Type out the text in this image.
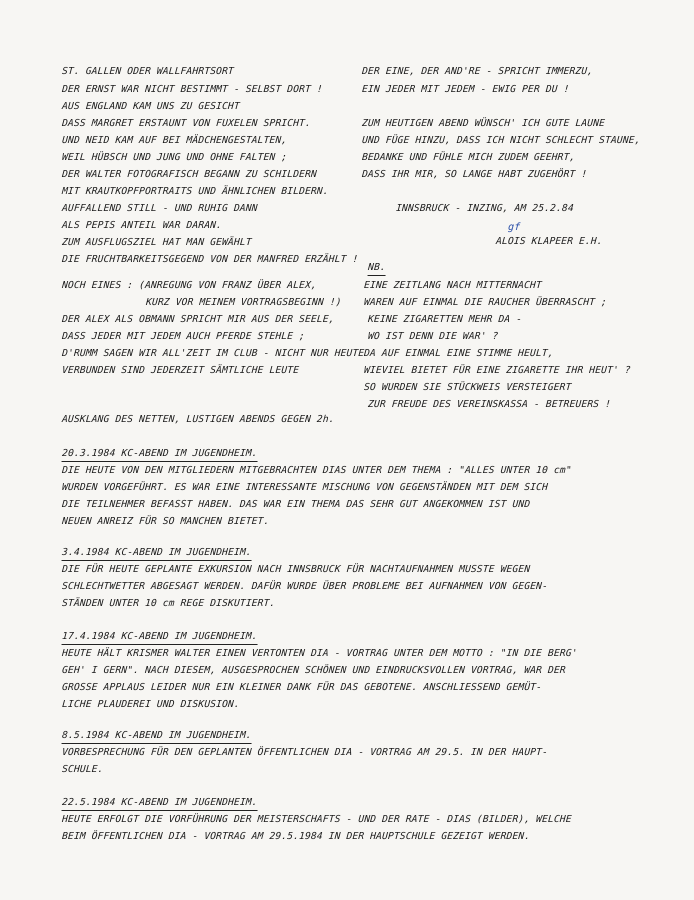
ST. GALLEN ODER WALLFAHRTSORT
DER ERNST WAR NICHT BESTIMMT - SELBST DORT !
AUS ENGLAND KAM UNS ZU GESICHT
DASS MARGRET ERSTAUNT VON FUXELEN SPRICHT.
UND NEID KAM AUF BEI MÄDCHENGESTALTEN,
WEIL HÜBSCH UND JUNG UND OHNE FALTEN ;
DER WALTER FOTOGRAFISCH BEGANN ZU SCHILDERN
MIT KRAUTKOPFPORTRAITS UND ÄHNLICHEN BILDERN.
AUFFALLEND STILL - UND RUHIG DANN
ALS PEPIS ANTEIL WAR DARAN.
ZUM AUSFLUGSZIEL HAT MAN GEWÄHLT
DIE FRUCHTBARKEITSGEGEND VON DER MANFRED ERZÄHLT !
DER EINE, DER AND'RE - SPRICHT IMMERZU,
EIN JEDER MIT JEDEM - EWIG PER DU !
ZUM HEUTIGEN ABEND WÜNSCH' ICH GUTE LAUNE
UND FÜGE HINZU, DASS ICH NICHT SCHLECHT STAUNE,
BEDANKE UND FÜHLE MICH ZUDEM GEEHRT,
DASS IHR MIR, SO LANGE HABT ZUGEHÖRT !
INNSBRUCK - INZING, AM 25.2.84
gf
ALOIS KLAPEER E.H.
NOCH EINES : (ANREGUNG VON FRANZ ÜBER ALEX,
KURZ VOR MEINEM VORTRAGSBEGINN !)
DER ALEX ALS OBMANN SPRICHT MIR AUS DER SEELE,
DASS JEDER MIT JEDEM AUCH PFERDE STEHLE ;
D'RUMM SAGEN WIR ALL'ZEIT IM CLUB - NICHT NUR HEUTE
VERBUNDEN SIND JEDERZEIT SÄMTLICHE LEUTE
NB.
EINE ZEITLANG NACH MITTERNACHT
WAREN AUF EINMAL DIE RAUCHER ÜBERRASCHT ;
KEINE ZIGARETTEN MEHR DA -
WO IST DENN DIE WAR' ?
DA AUF EINMAL EINE STIMME HEULT,
WIEVIEL BIETET FÜR EINE ZIGARETTE IHR HEUT' ?
SO WURDEN SIE STÜCKWEIS VERSTEIGERT
ZUR FREUDE DES VEREINSKASSA - BETREUERS !
AUSKLANG DES NETTEN, LUSTIGEN ABENDS GEGEN 2h.
20.3.1984 KC-ABEND IM JUGENDHEIM.
DIE HEUTE VON DEN MITGLIEDERN MITGEBRACHTEN DIAS UNTER DEM THEMA : "ALLES UNTER 10 cm"
WURDEN VORGEFÜHRT. ES WAR EINE INTERESSANTE MISCHUNG VON GEGENSTÄNDEN MIT DEM SICH
DIE TEILNEHMER BEFASST HABEN. DAS WAR EIN THEMA DAS SEHR GUT ANGEKOMMEN IST UND
NEUEN ANREIZ FÜR SO MANCHEN BIETET.
3.4.1984 KC-ABEND IM JUGENDHEIM.
DIE FÜR HEUTE GEPLANTE EXKURSION NACH INNSBRUCK FÜR NACHTAUFNAHMEN MUSSTE WEGEN
SCHLECHTWETTER ABGESAGT WERDEN. DAFÜR WURDE ÜBER PROBLEME BEI AUFNAHMEN VON GEGEN-
STÄNDEN UNTER 10 cm REGE DISKUTIERT.
17.4.1984 KC-ABEND IM JUGENDHEIM.
HEUTE HÄLT KRISMER WALTER EINEN VERTONTEN DIA - VORTRAG UNTER DEM MOTTO : "IN DIE BERG'
GEH' I GERN". NACH DIESEM, AUSGESPROCHEN SCHÖNEN UND EINDRUCKSVOLLEN VORTRAG, WAR DER
GROSSE APPLAUS LEIDER NUR EIN KLEINER DANK FÜR DAS GEBOTENE. ANSCHLIESSEND GEMÜT-
LICHE PLAUDEREI UND DISKUSION.
8.5.1984 KC-ABEND IM JUGENDHEIM.
VORBESPRECHUNG FÜR DEN GEPLANTEN ÖFFENTLICHEN DIA - VORTRAG AM 29.5. IN DER HAUPT-
SCHULE.
22.5.1984 KC-ABEND IM JUGENDHEIM.
HEUTE ERFOLGT DIE VORFÜHRUNG DER MEISTERSCHAFTS - UND DER RATE - DIAS (BILDER), WELCHE
BEIM ÖFFENTLICHEN DIA - VORTRAG AM 29.5.1984 IN DER HAUPTSCHULE GEZEIGT WERDEN.
